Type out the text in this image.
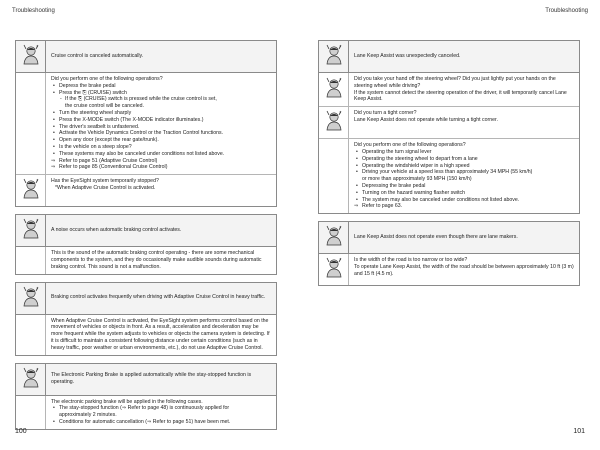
Troubleshooting	Troubleshooting
?
Cruise control is canceled automatically.

Did you perform one of the following operations?

• Depress the brake pedal
• Press the ⎘ (CRUISE) switch
- If the ⎘ (CRUISE) switch is pressed while the cruise control is set,
the cruise control will be canceled.
• Turn the steering wheel sharply
• Press the X-MODE switch (The X-MODE indicator illuminates.)
• The driver's seatbelt is unfastened.
• Activate the Vehicle Dynamics Control or the Traction Control functions.
• Open any door (except the rear gate/trunk).
• Is the vehicle on a steep slope?
• These systems may also be canceled under conditions not listed above.
⇒ Refer to page 51 (Adaptive Cruise Control)
⇒ Refer to page 85 (Conventional Cruise Control)
?	Has the EyeSight system temporarily stopped?

*When Adaptive Cruise Control is activated.
?
A noise occurs when automatic braking control activates.

This is the sound of the automatic braking control operating - there are some mechanical components to the system, and they do occasionally make audible sounds during automatic braking control. This sound is not a malfunction.

?
Braking control activates frequently when driving with Adaptive Cruise Control in heavy traffic.

When Adaptive Cruise Control is activated, the EyeSight system performs control based on the movement of vehicles or objects in front. As a result, acceleration and deceleration may be more frequent while the system adjusts to vehicles or objects the camera system is detecting. If it is difficult to maintain a consistent following distance under certain conditions (such as in heavy traffic, poor weather or urban environments, etc.), do not use Adaptive Cruise Control.

?
The Electronic Parking Brake is applied automatically while the stay-stopped function is operating.

The electronic parking brake will be applied in the following cases.

• The stay-stopped function (⇒ Refer to page 48) is continuously applied for
approximately 2 minutes.
• Conditions for automatic cancellation (⇒ Refer to page 51) have been met.
?
Lane Keep Assist was unexpectedly canceled.
?	Did you take your hand off the steering wheel? Did you just lightly put your hands on the steering wheel while driving?

If the system cannot detect the steering operation of the driver, it will temporarily cancel Lane Keep Assist.

?	Did you turn a tight corner?

Lane Keep Assist does not operate while turning a tight corner.

Did you perform one of the following operations?

• Operating the turn signal lever
• Operating the steering wheel to depart from a lane
• Operating the windshield wiper in a high speed
• Driving your vehicle at a speed less than approximately 34 MPH (55 km/h)
or more than approximately 93 MPH (150 km/h)
• Depressing the brake pedal
• Turning on the hazard warning flasher switch
• The system may also be canceled under conditions not listed above.
⇒ Refer to page 63.
?
Lane Keep Assist does not operate even though there are lane makers.
?	Is the width of the road is too narrow or too wide?

To operate Lane Keep Assist, the width of the road should be between approximately 10 ft (3 m) and 15 ft (4.5 m).

100	101
